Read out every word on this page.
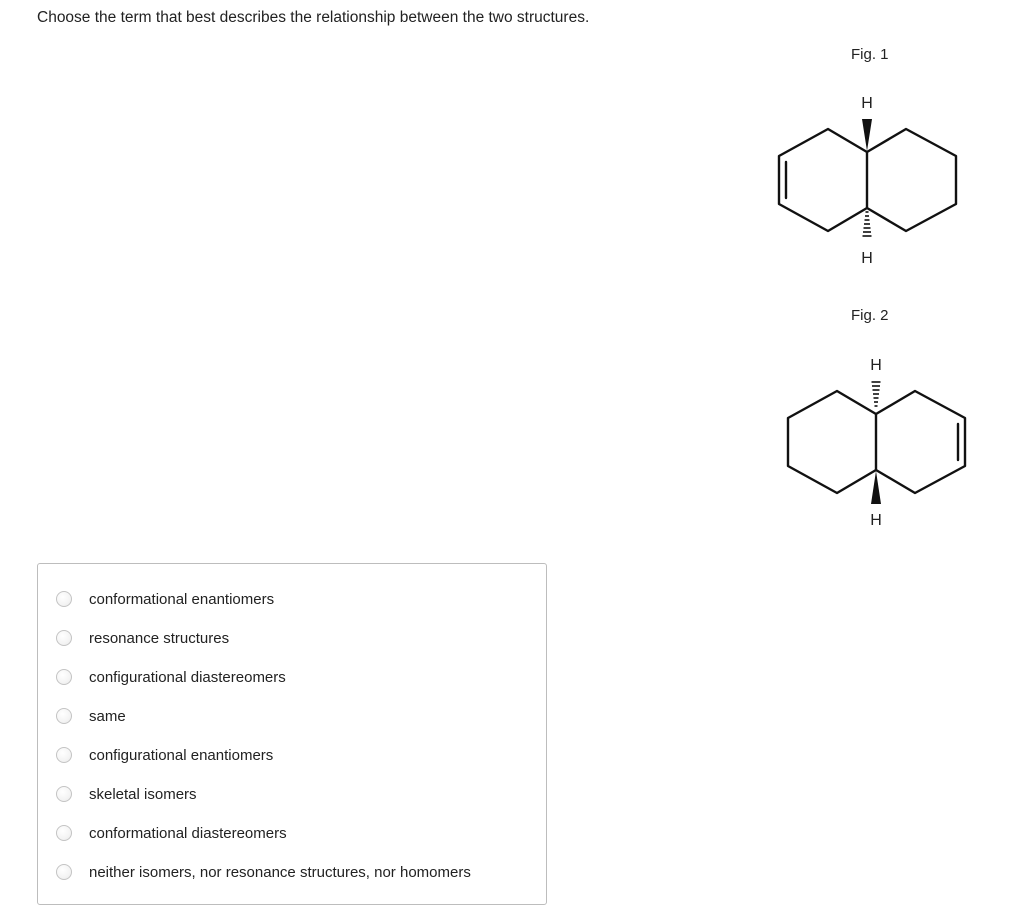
Choose the term that best describes the relationship between the two structures.
Fig. 1
H
H
Fig. 2
H
H
conformational enantiomers
resonance structures
configurational diastereomers
same
configurational enantiomers
skeletal isomers
conformational diastereomers
neither isomers, nor resonance structures, nor homomers
